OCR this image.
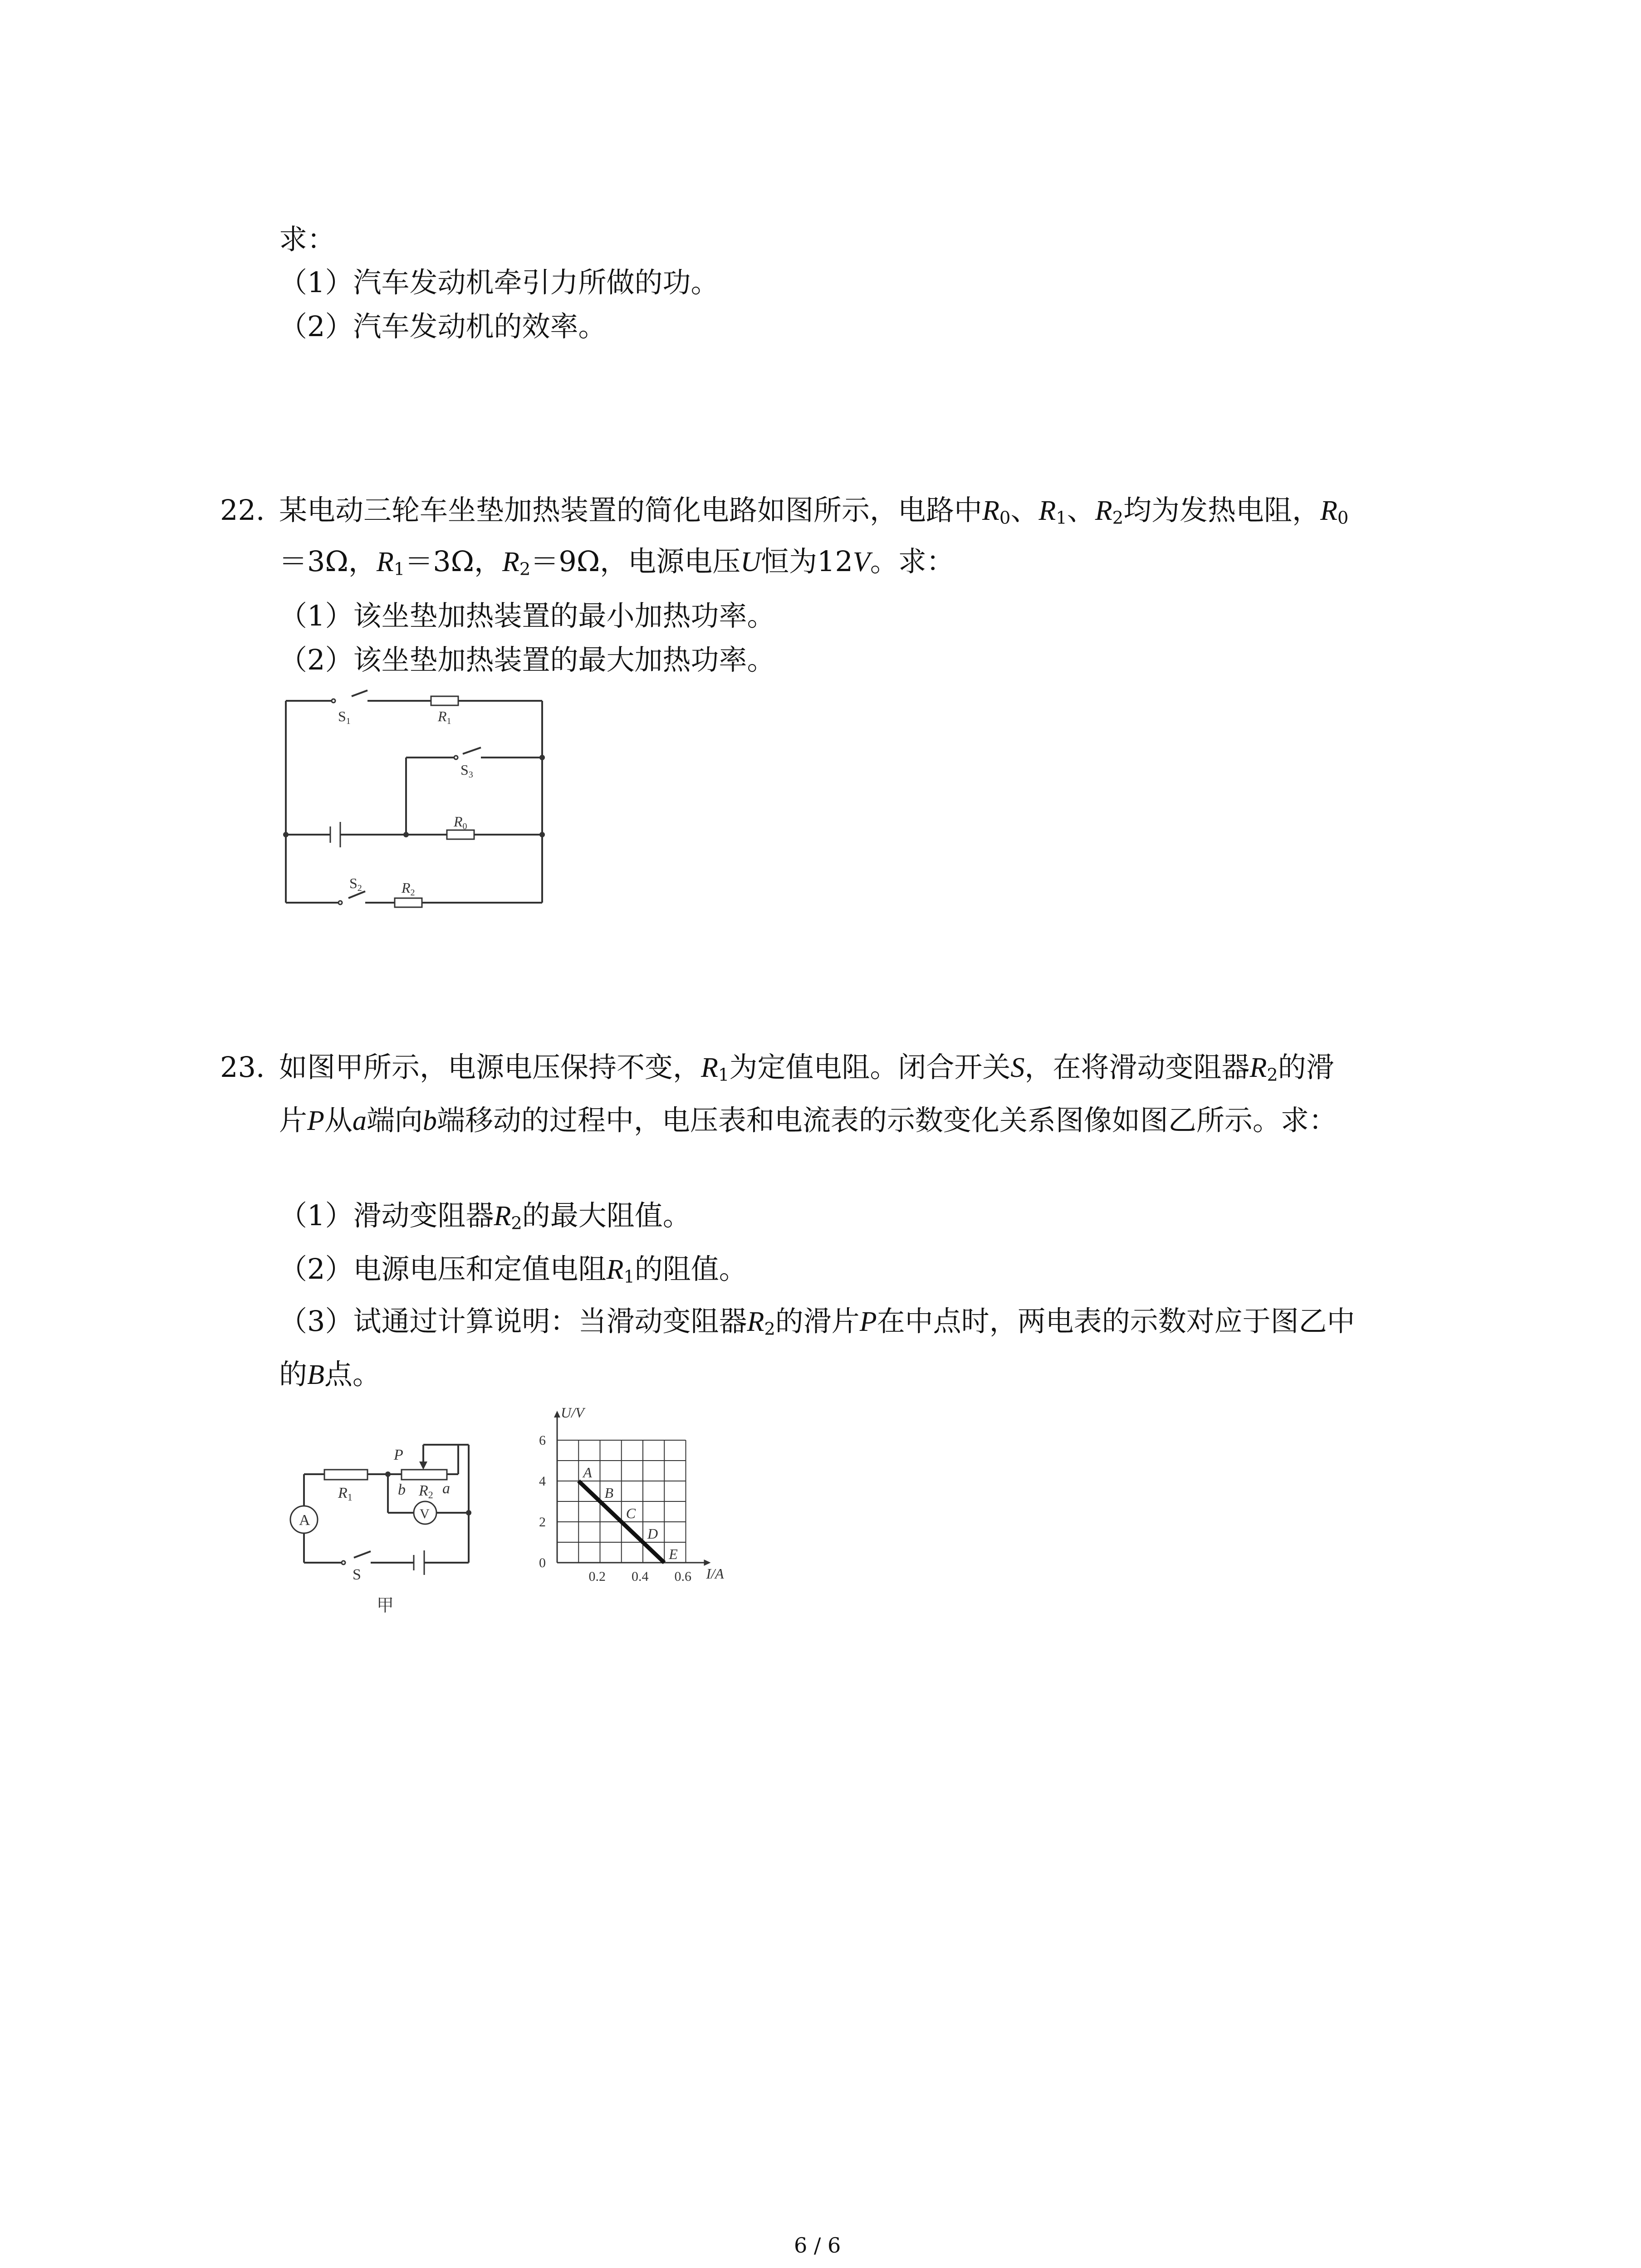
求：
（1）汽车发动机牵引力所做的功。
（2）汽车发动机的效率。
22. 某电动三轮车坐垫加热装置的简化电路如图所示，电路中$R_0$、$R_1$、$R_2$均为发热电阻，$R_0$
＝3Ω，$R_1=3\Omega$，$R_2=9\Omega$，电源电压U恒为12V。求：
（1）该坐垫加热装置的最小加热功率。
（2）该坐垫加热装置的最大加热功率。
S1	R1
S3
R0
S2	R2
23. 如图甲所示，电源电压保持不变，$R_1$为定值电阻。闭合开关S，在将滑动变阻器$R_2$的滑
片P从a端向b端移动的过程中，电压表和电流表的示数变化关系图像如图乙所示。求：
（1）滑动变阻器$R_2$的最大阻值。
（2）电源电压和定值电阻$R_1$的阻值。
（3）试通过计算说明：当滑动变阻器$R_2$的滑片P在中点时，两电表的示数对应于图乙中
的B点。
R1
P
b R2 a
A	V
S
甲
0
2
4
6
0.2 0.4 0.6
U/V
I/A
A
B
C
D
E
6 / 6
